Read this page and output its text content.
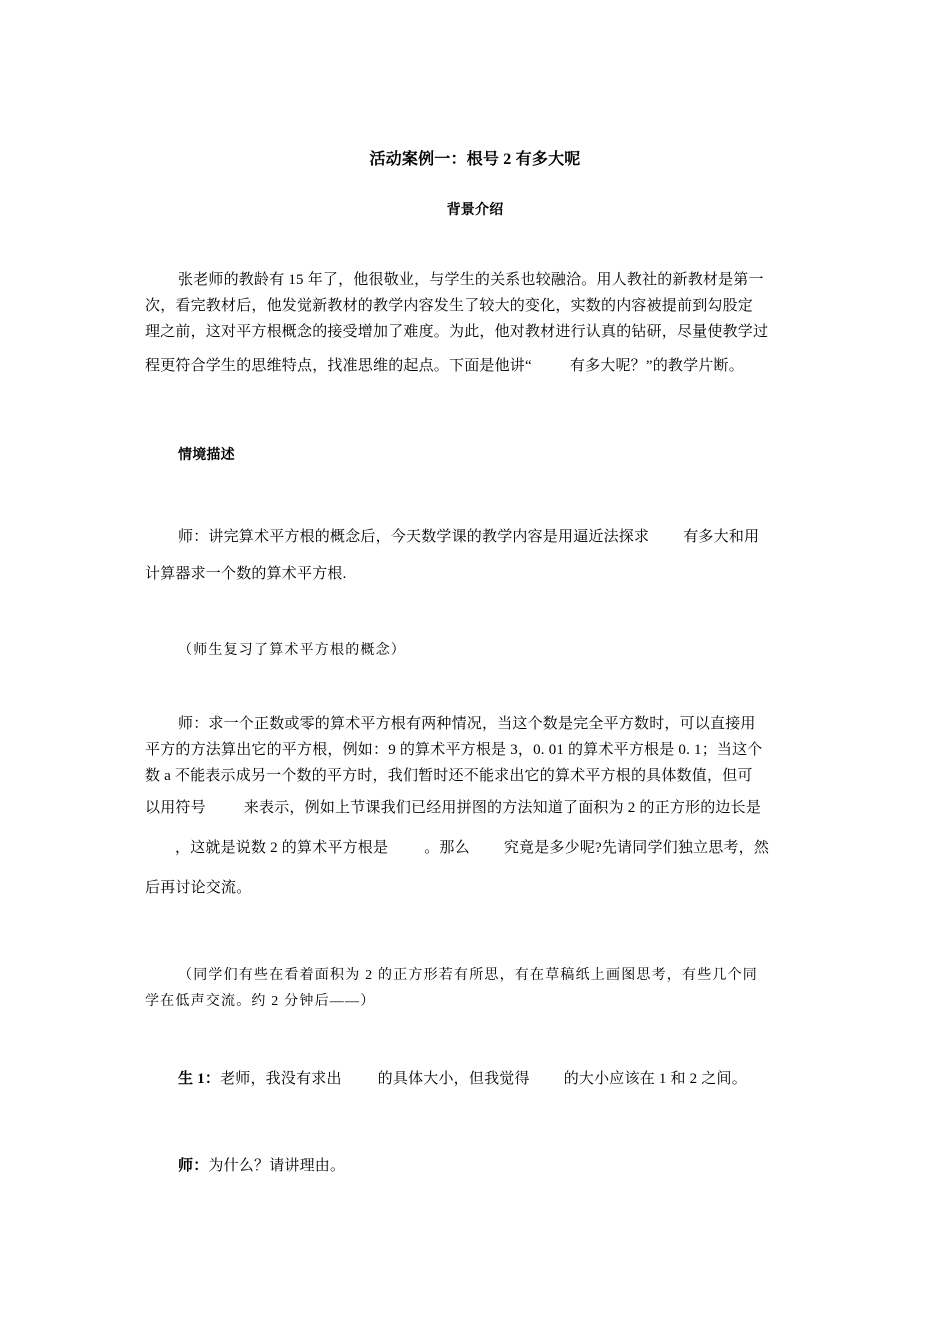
活动案例一：根号 2 有多大呢

背景介绍

张老师的教龄有 15 年了，他很敬业，与学生的关系也较融洽。用人教社的新教材是第一
次，看完教材后，他发觉新教材的教学内容发生了较大的变化，实数的内容被提前到勾股定
理之前，这对平方根概念的接受增加了难度。为此，他对教材进行认真的钻研，尽量使教学过
程更符合学生的思维特点，找准思维的起点。下面是他讲“	有多大呢？”的教学片断。

情境描述

师：讲完算术平方根的概念后，今天数学课的教学内容是用逼近法探求 有多大和用
计算器求一个数的算术平方根.

（师生复习了算术平方根的概念）

师：求一个正数或零的算术平方根有两种情况，当这个数是完全平方数时，可以直接用
平方的方法算出它的平方根，例如：9 的算术平方根是 3，0. 01 的算术平方根是 0. 1；当这个
数 a 不能表示成另一个数的平方时，我们暂时还不能求出它的算术平方根的具体数值，但可
以用符号	来表示，例如上节课我们已经用拼图的方法知道了面积为 2 的正方形的边长是
，这就是说数 2 的算术平方根是 。那么 究竟是多少呢?先请同学们独立思考，然
后再讨论交流。
（同学们有些在看着面积为 2 的正方形若有所思，有在草稿纸上画图思考，有些几个同
学在低声交流。约 2 分钟后——）

生 1：老师，我没有求出 的具体大小，但我觉得 的大小应该在 1 和 2 之间。

师：为什么？请讲理由。
